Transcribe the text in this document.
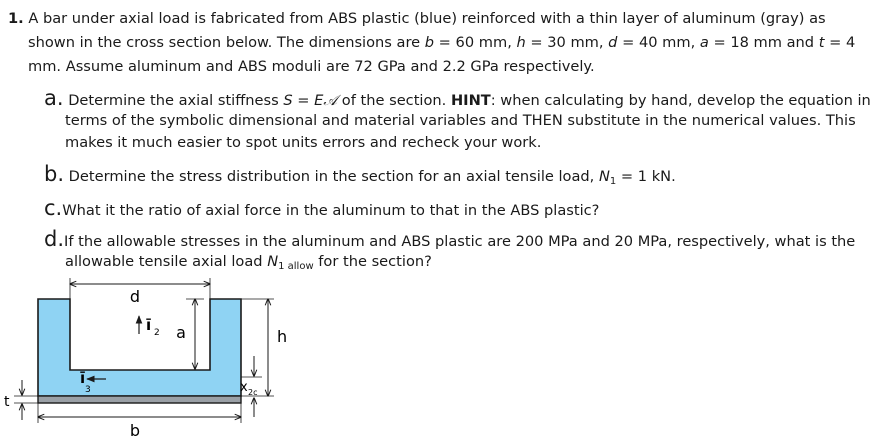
1. A bar under axial load is fabricated from ABS plastic (blue) reinforced with a thin layer of aluminum (gray) as
shown in the cross section below. The dimensions are b = 60 mm, h = 30 mm, d = 40 mm, a = 18 mm and t = 4
mm. Assume aluminum and ABS moduli are 72 GPa and 2.2 GPa respectively.
a. Determine the axial stiffness S = E𝒜 of the section. HINT: when calculating by hand, develop the equation in
terms of the symbolic dimensional and material variables and THEN substitute in the numerical values. This
makes it much easier to spot units errors and recheck your work.
b. Determine the stress distribution in the section for an axial tensile load, $N_1 = 1$ kN.
c.What it the ratio of axial force in the aluminum to that in the ABS plastic?
d.If the allowable stresses in the aluminum and ABS plastic are 200 MPa and 20 MPa, respectively, what is the
allowable tensile axial load $N_{1 allow}$ for the section?
d
a
ī 2	h
x 2c
ī
3
t
b
